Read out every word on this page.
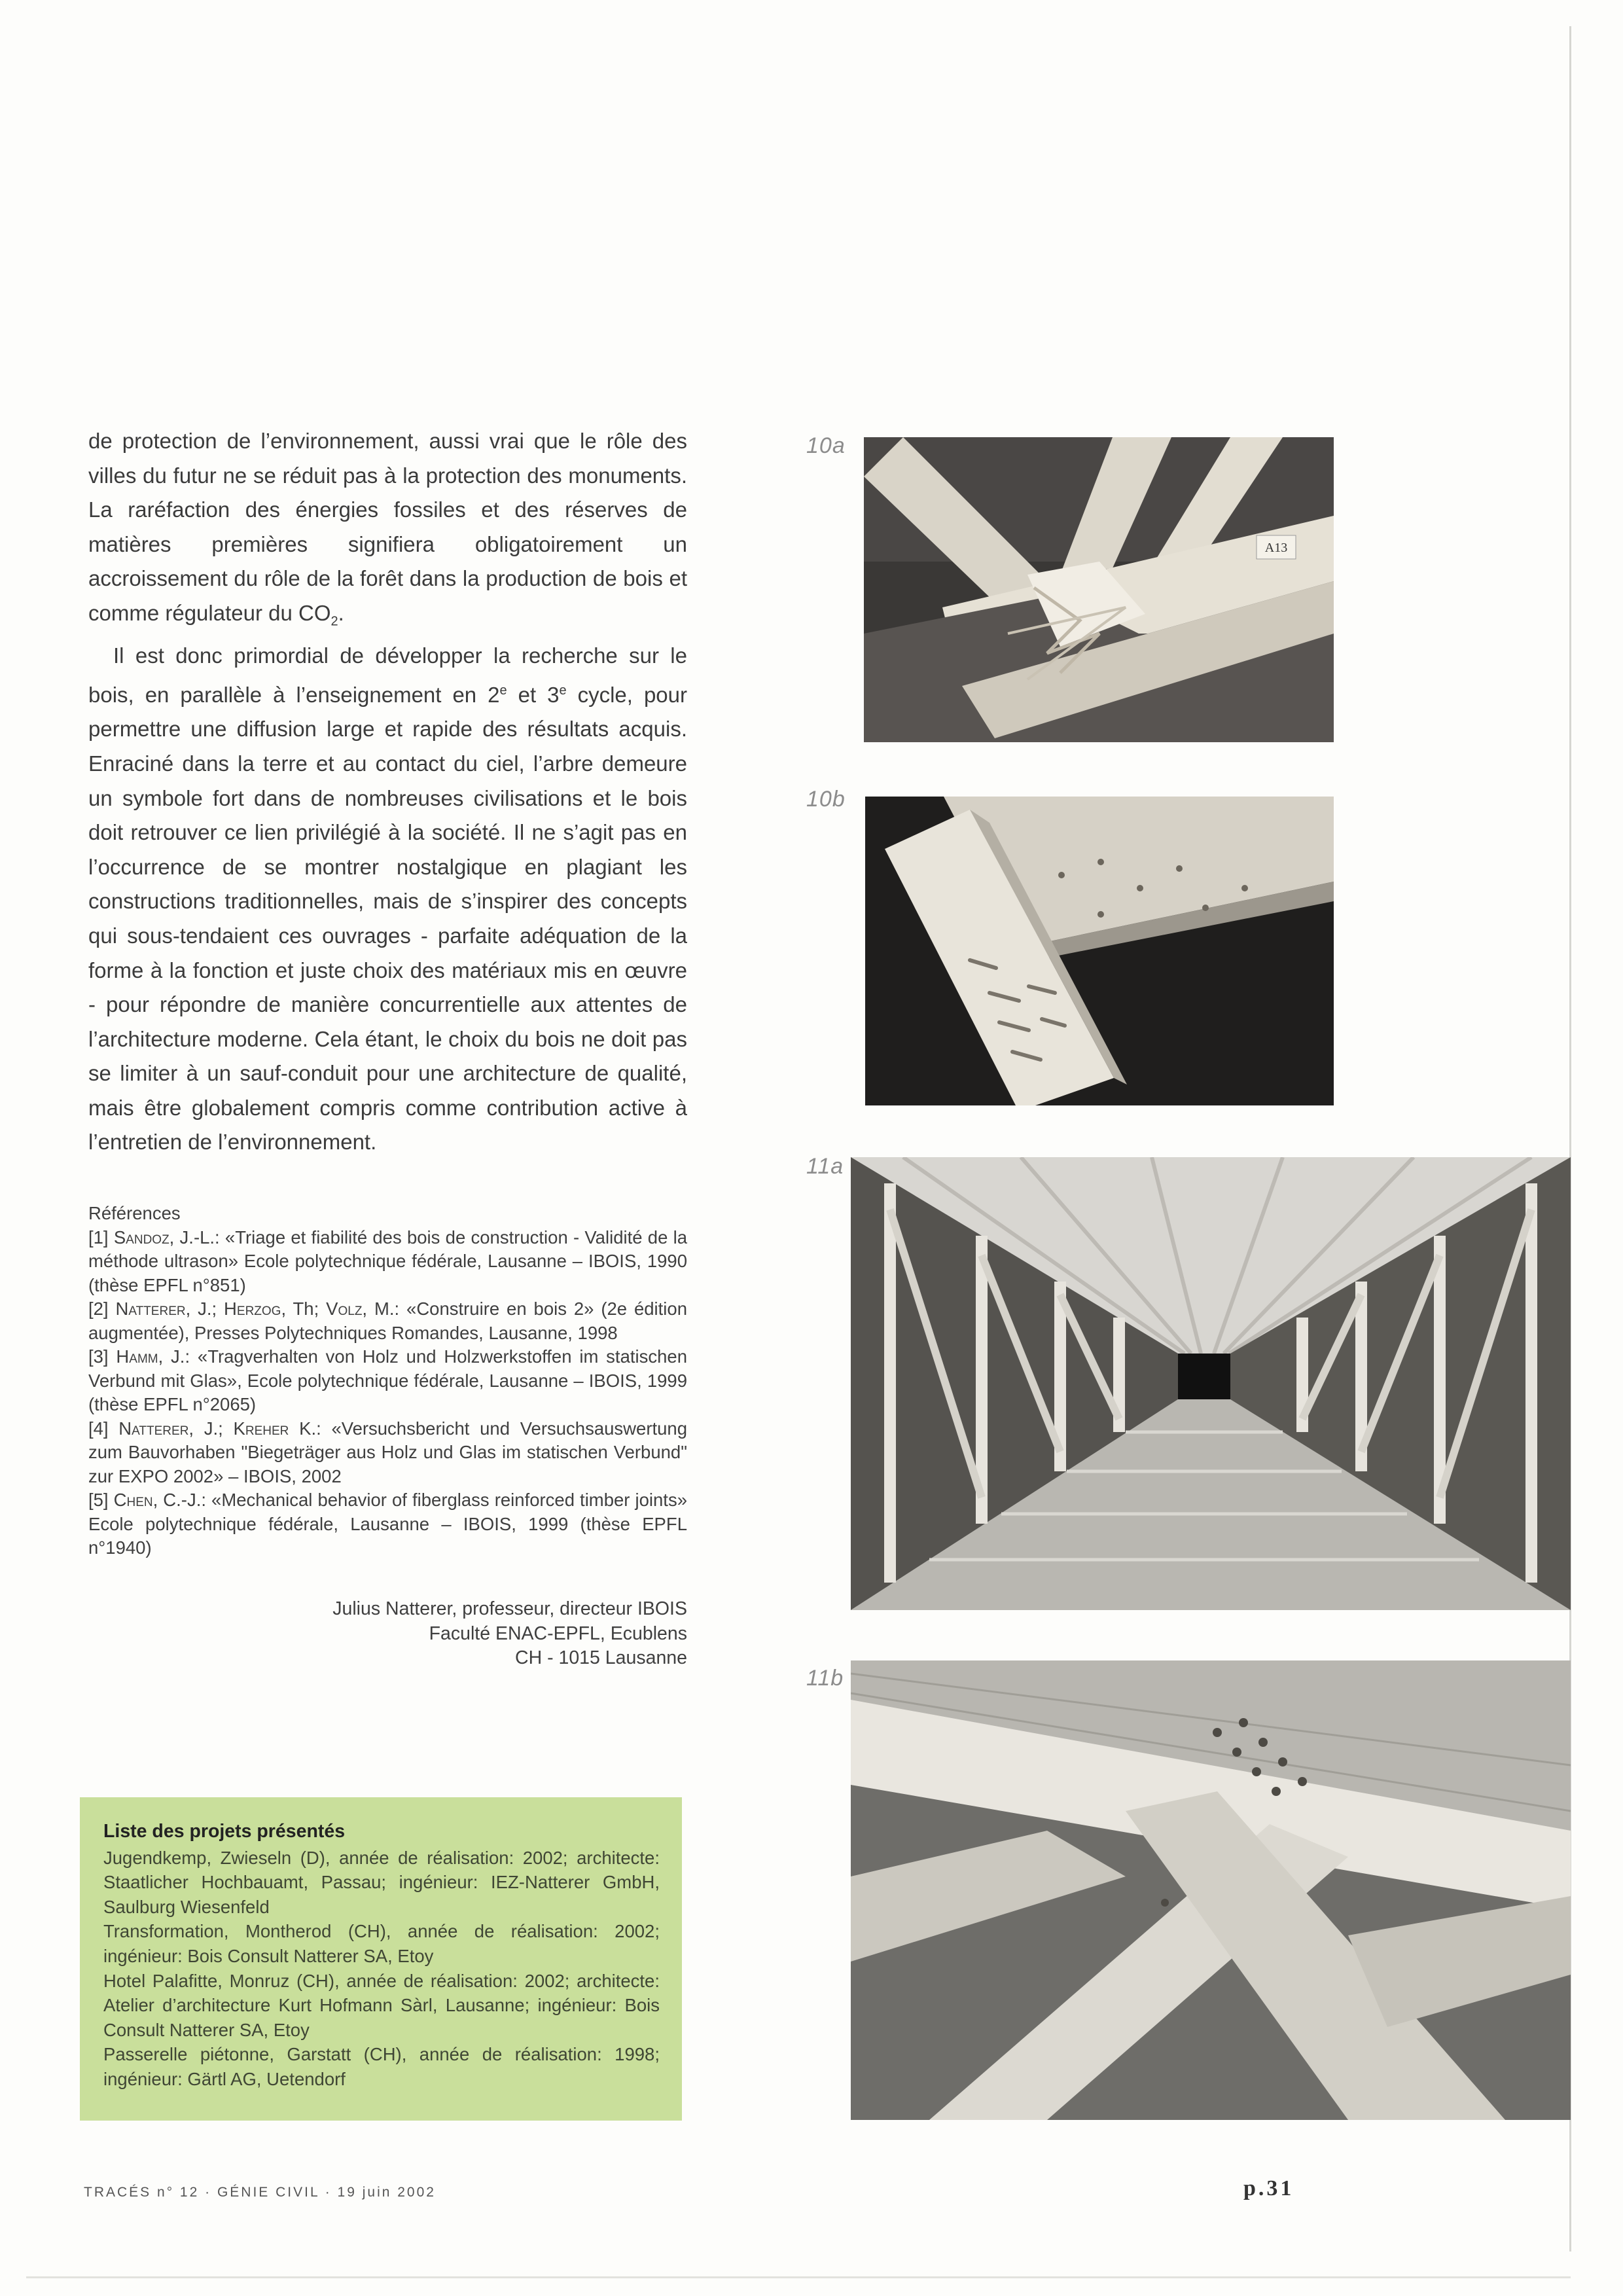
de protection de l’environnement, aussi vrai que le rôle des villes du futur ne se réduit pas à la protection des monuments. La raréfaction des énergies fossiles et des réserves de matières premières signifiera obligatoirement un accroissement du rôle de la forêt dans la production de bois et comme régulateur du $CO_2$.

Il est donc primordial de développer la recherche sur le bois, en parallèle à l’enseignement en 2e et 3e cycle, pour permettre une diffusion large et rapide des résultats acquis. Enraciné dans la terre et au contact du ciel, l’arbre demeure un symbole fort dans de nombreuses civilisations et le bois doit retrouver ce lien privilégié à la société. Il ne s’agit pas en l’occurrence de se montrer nostalgique en plagiant les constructions traditionnelles, mais de s’inspirer des concepts qui sous-tendaient ces ouvrages - parfaite adéquation de la forme à la fonction et juste choix des matériaux mis en œuvre - pour répondre de manière concurrentielle aux attentes de l’architecture moderne. Cela étant, le choix du bois ne doit pas se limiter à un sauf-conduit pour une architecture de qualité, mais être globalement compris comme contribution active à l’entretien de l’environnement.

Références

[1] Sandoz, J.-L.: «Triage et fiabilité des bois de construction - Validité de la méthode ultrason» Ecole polytechnique fédérale, Lausanne – IBOIS, 1990 (thèse EPFL n°851)

[2] Natterer, J.; Herzog, Th; Volz, M.: «Construire en bois 2» (2e édition augmentée), Presses Polytechniques Romandes, Lausanne, 1998

[3] Hamm, J.: «Tragverhalten von Holz und Holzwerkstoffen im statischen Verbund mit Glas», Ecole polytechnique fédérale, Lausanne – IBOIS, 1999 (thèse EPFL n°2065)

[4] Natterer, J.; Kreher K.: «Versuchsbericht und Versuchsauswertung zum Bauvorhaben "Biegeträger aus Holz und Glas im statischen Verbund" zur EXPO 2002» – IBOIS, 2002

[5] Chen, C.-J.: «Mechanical behavior of fiberglass reinforced timber joints» Ecole polytechnique fédérale, Lausanne – IBOIS, 1999 (thèse EPFL n°1940)

Julius Natterer, professeur, directeur IBOIS
Faculté ENAC-EPFL, Ecublens
CH - 1015 Lausanne

Liste des projets présentés

Jugendkemp, Zwieseln (D), année de réalisation: 2002; architecte: Staatlicher Hochbauamt, Passau; ingénieur: IEZ-Natterer GmbH, Saulburg Wiesenfeld

Transformation, Montherod (CH), année de réalisation: 2002; ingénieur: Bois Consult Natterer SA, Etoy

Hotel Palafitte, Monruz (CH), année de réalisation: 2002; architecte: Atelier d’architecture Kurt Hofmann Sàrl, Lausanne; ingénieur: Bois Consult Natterer SA, Etoy

Passerelle piétonne, Garstatt (CH), année de réalisation: 1998; ingénieur: Gärtl AG, Uetendorf

10a
10b
11a
11b
A13
TRACÉS n° 12 · GÉNIE CIVIL · 19 juin 2002	p.31
